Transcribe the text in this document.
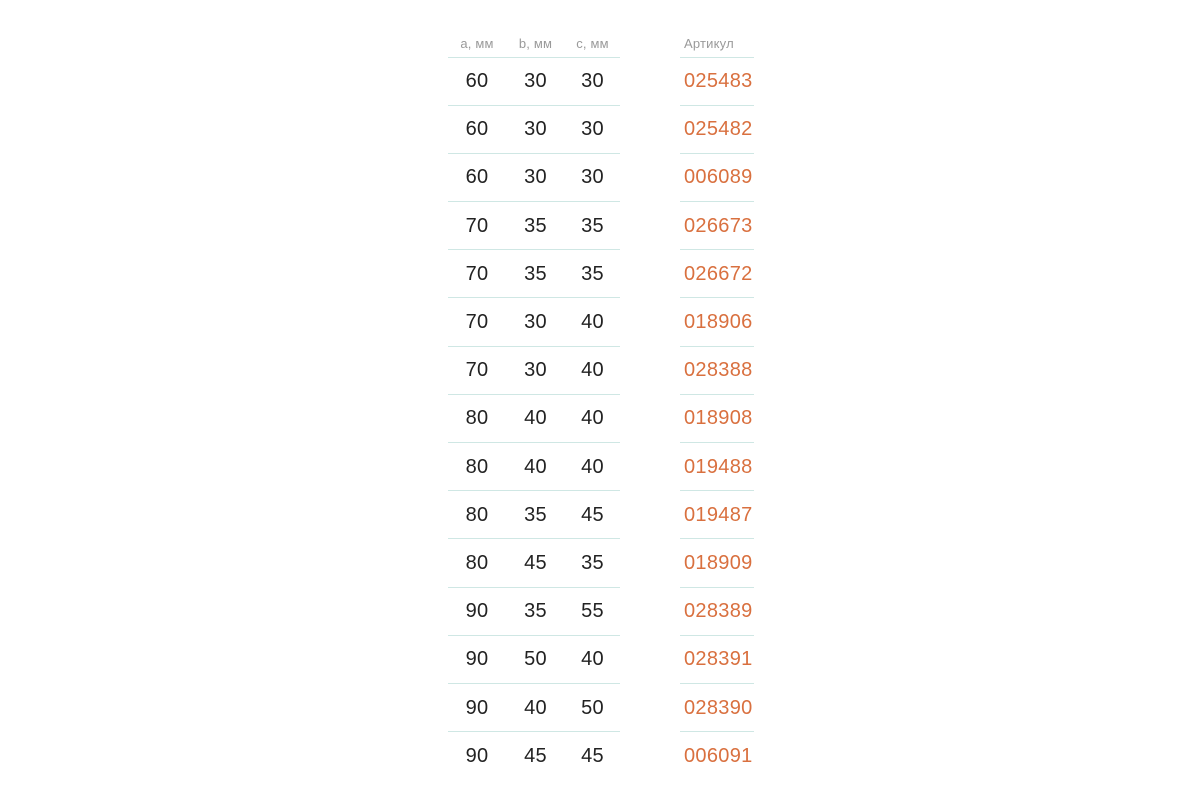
a, мм	b, мм	c, мм	Артикул
60	30	30	025483
60	30	30	025482
60	30	30	006089
70	35	35	026673
70	35	35	026672
70	30	40	018906
70	30	40	028388
80	40	40	018908
80	40	40	019488
80	35	45	019487
80	45	35	018909
90	35	55	028389
90	50	40	028391
90	40	50	028390
90	45	45	006091
